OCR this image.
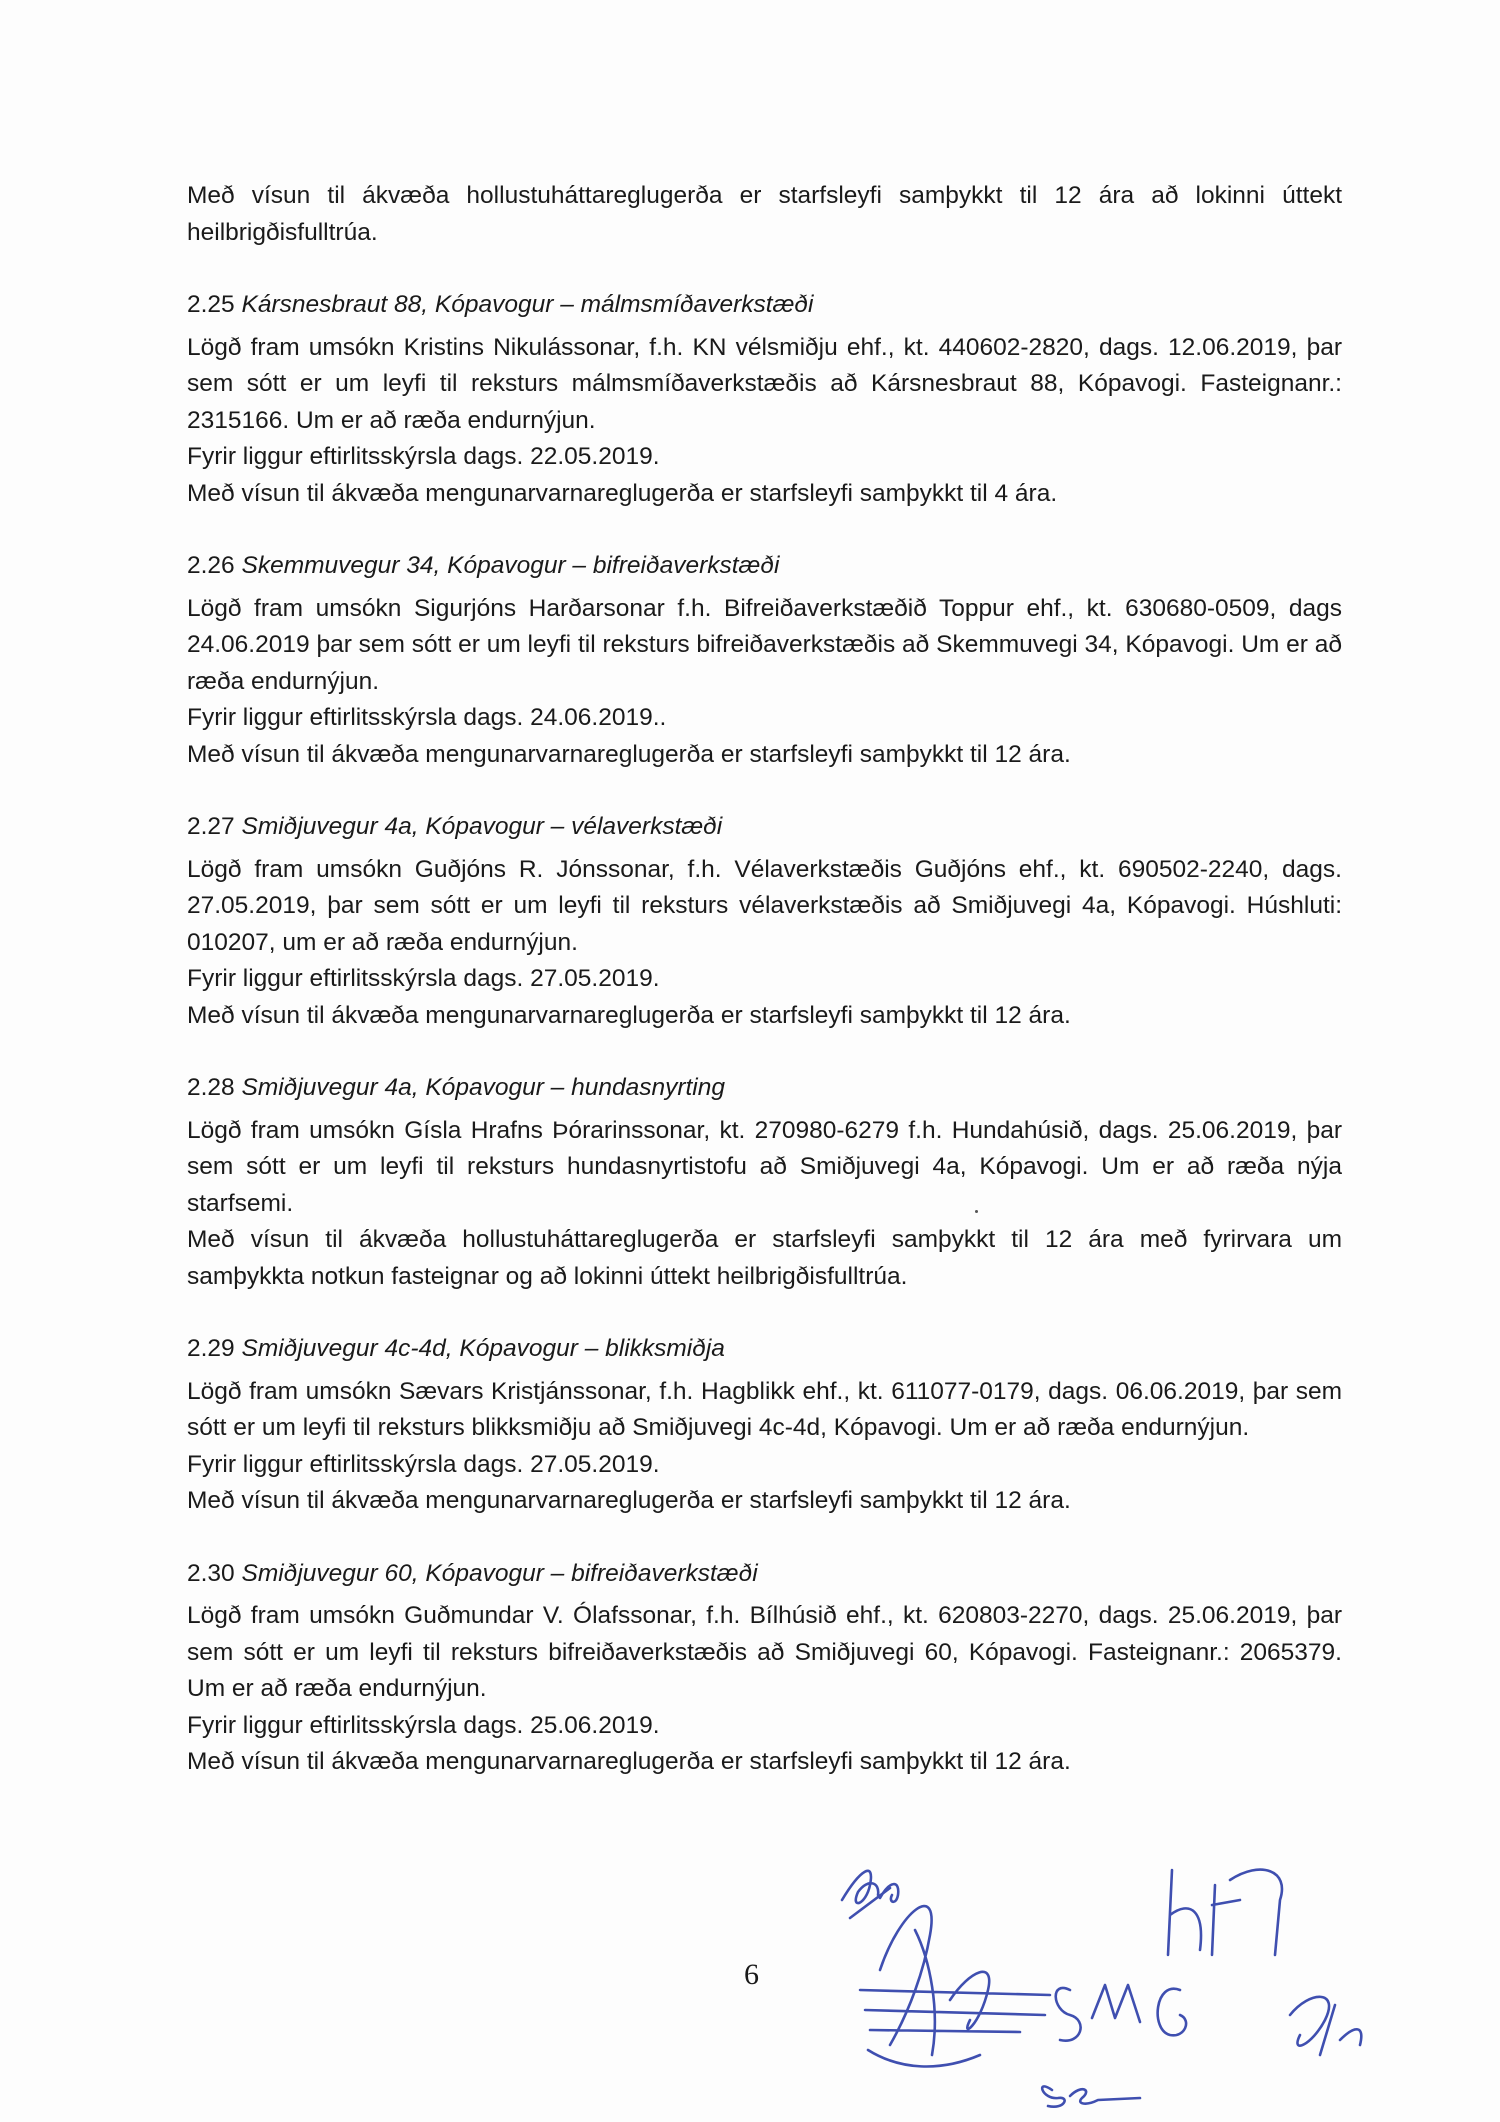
Með vísun til ákvæða hollustuháttareglugerða er starfsleyfi samþykkt til 12 ára að lokinni úttekt heilbrigðisfulltrúa.

2.25 Kársnesbraut 88, Kópavogur – málmsmíðaverkstæði

Lögð fram umsókn Kristins Nikulássonar, f.h. KN vélsmiðju ehf., kt. 440602-2820, dags. 12.06.2019, þar sem sótt er um leyfi til reksturs málmsmíðaverkstæðis að Kársnesbraut 88, Kópavogi. Fasteignanr.: 2315166. Um er að ræða endurnýjun.

Fyrir liggur eftirlitsskýrsla dags. 22.05.2019.

Með vísun til ákvæða mengunarvarnareglugerða er starfsleyfi samþykkt til 4 ára.

2.26 Skemmuvegur 34, Kópavogur – bifreiðaverkstæði

Lögð fram umsókn Sigurjóns Harðarsonar f.h. Bifreiðaverkstæðið Toppur ehf., kt. 630680-0509, dags 24.06.2019 þar sem sótt er um leyfi til reksturs bifreiðaverkstæðis að Skemmuvegi 34, Kópavogi. Um er að ræða endurnýjun.

Fyrir liggur eftirlitsskýrsla dags. 24.06.2019..

Með vísun til ákvæða mengunarvarnareglugerða er starfsleyfi samþykkt til 12 ára.

2.27 Smiðjuvegur 4a, Kópavogur – vélaverkstæði

Lögð fram umsókn Guðjóns R. Jónssonar, f.h. Vélaverkstæðis Guðjóns ehf., kt. 690502-2240, dags. 27.05.2019, þar sem sótt er um leyfi til reksturs vélaverkstæðis að Smiðjuvegi 4a, Kópavogi. Húshluti: 010207, um er að ræða endurnýjun.

Fyrir liggur eftirlitsskýrsla dags. 27.05.2019.

Með vísun til ákvæða mengunarvarnareglugerða er starfsleyfi samþykkt til 12 ára.

2.28 Smiðjuvegur 4a, Kópavogur – hundasnyrting

Lögð fram umsókn Gísla Hrafns Þórarinssonar, kt. 270980-6279 f.h. Hundahúsið, dags. 25.06.2019, þar sem sótt er um leyfi til reksturs hundasnyrtistofu að Smiðjuvegi 4a, Kópavogi. Um er að ræða nýja starfsemi.

Með vísun til ákvæða hollustuháttareglugerða er starfsleyfi samþykkt til 12 ára með fyrirvara um samþykkta notkun fasteignar og að lokinni úttekt heilbrigðisfulltrúa.

2.29 Smiðjuvegur 4c-4d, Kópavogur – blikksmiðja

Lögð fram umsókn Sævars Kristjánssonar, f.h. Hagblikk ehf., kt. 611077-0179, dags. 06.06.2019, þar sem sótt er um leyfi til reksturs blikksmiðju að Smiðjuvegi 4c-4d, Kópavogi. Um er að ræða endurnýjun.

Fyrir liggur eftirlitsskýrsla dags. 27.05.2019.

Með vísun til ákvæða mengunarvarnareglugerða er starfsleyfi samþykkt til 12 ára.

2.30 Smiðjuvegur 60, Kópavogur – bifreiðaverkstæði

Lögð fram umsókn Guðmundar V. Ólafssonar, f.h. Bílhúsið ehf., kt. 620803-2270, dags. 25.06.2019, þar sem sótt er um leyfi til reksturs bifreiðaverkstæðis að Smiðjuvegi 60, Kópavogi. Fasteignanr.: 2065379. Um er að ræða endurnýjun.

Fyrir liggur eftirlitsskýrsla dags. 25.06.2019.

Með vísun til ákvæða mengunarvarnareglugerða er starfsleyfi samþykkt til 12 ára.

6
